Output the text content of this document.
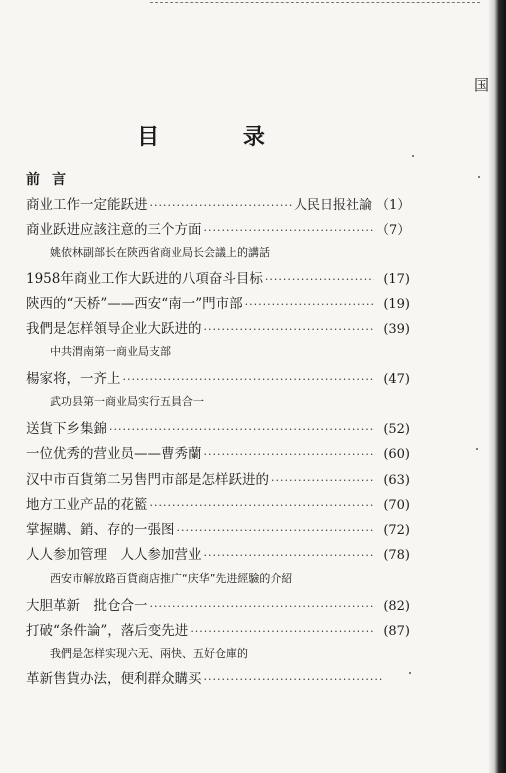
国
目 录
前言
商业工作一定能跃进 ·····	人民日报社論 （1）
商业跃进应該注意的三个方面 ·····	（7）
姚依林副部长在陝西省商业局长会議上的講話
1958年商业工作大跃进的八項奋斗目标 ·····	(17)
陝西的“天桥”——西安“南一”門市部 ·····	(19)
我們是怎样領导企业大跃进的 ·····	(39)
中共渭南第一商业局支部
楊家将，一齐上 ·····	(47)
武功县第一商业局实行五員合一
送貨下乡集錦 ·····	(52)
一位优秀的营业员——曹秀蘭 ·····	(60)
汉中市百貨第二另售門市部是怎样跃进的 ·····	(63)
地方工业产品的花籃 ·····	(70)
掌握購、銷、存的一張图 ·····	(72)
人人参加管理　人人参加营业 ·····	(78)
西安市解放路百貨商店推广“庆华”先进經驗的介紹
大胆革新　批仓合一 ·····	(82)
打破“条件論”，落后变先进 ·····	(87)
我們是怎样实现六无、兩快、五好仓庫的
革新售貨办法，便利群众購买
·····
